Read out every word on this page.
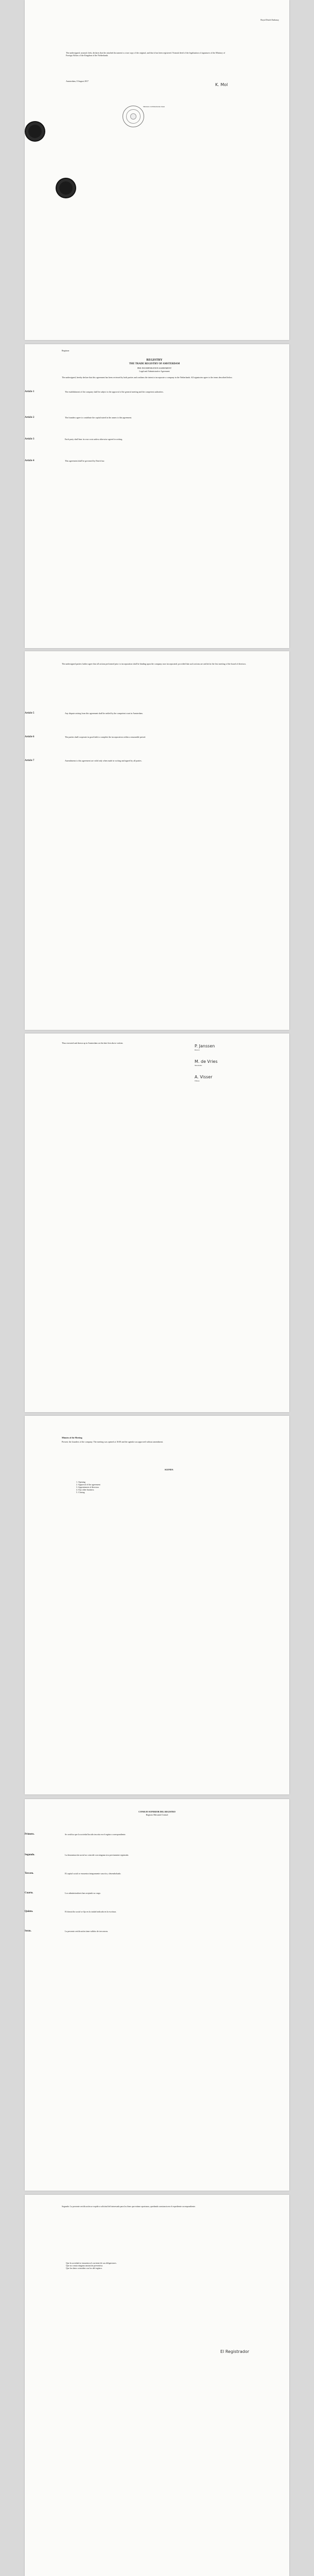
Royal Dutch Embassy
The undersigned, notarial clerk, declares that the attached document is a true copy of the original, and that it has been registered. Notarial deed of the legalization of signatures of the Ministry of Foreign Affairs of the Kingdom of the Netherlands.
Ministerie van Buitenlandse Zaken
Amsterdam, 8 August 2017
K. Mol
Registrar
REGISTRY
THE TRADE REGISTRY OF AMSTERDAM
PRE-INCORPORATION AGREEMENT
Legal and Administrative Agreement
The undersigned, hereby declare that this agreement has been reviewed by both parties and confirms the intent to incorporate a company in the Netherlands. All signatories agree to the terms described below.
Article 1	The establishment of the company shall be subject to the approval of the general meeting and the competent authorities.
Article 2	The founders agree to contribute the capital stated in the annex to this agreement.
Article 3	Each party shall bear its own costs unless otherwise agreed in writing.
Article 4	This agreement shall be governed by Dutch law.
The undersigned parties further agree that all actions performed prior to incorporation shall be binding upon the company once incorporated, provided that such actions are ratified at the first meeting of the board of directors.
Article 5	Any dispute arising from this agreement shall be settled by the competent court in Amsterdam.
Article 6	The parties shall cooperate in good faith to complete the incorporation within a reasonable period.
Article 7	Amendments to this agreement are valid only when made in writing and signed by all parties.
Thus executed and drawn up in Amsterdam on the date first above written.
P. Janssen
Director
M. de Vries
Shareholder
A. Visser
Witness
Minutes of the Meeting
Present: the founders of the company. The meeting was opened at 10:00 and the agenda was approved without amendment.
AGENDA
1. Opening
2. Approval of the agreement
3. Appointment of directors
4. Any other business
5. Closing
CONSEJO SUPERIOR DEL REGISTRO
Registro Mercantil Central
Primero.	Se certifica que la sociedad ha sido inscrita en el registro correspondiente.
Segundo.	La denominación social no coincide con ninguna otra previamente registrada.
Tercero.	El capital social se encuentra íntegramente suscrito y desembolsado.
Cuarto.	Los administradores han aceptado su cargo.
Quinto.	El domicilio social se fija en la ciudad indicada en la escritura.
Sexto.	La presente certificación tiene validez de tres meses.
Segundo: La presente certificación se expide a solicitud del interesado para los fines que estime oportunos, quedando constancia en el expediente correspondiente.
Que la sociedad se encuentra al corriente de sus obligaciones.
Que no consta ninguna anotación preventiva.
Que los datos coinciden con los del registro.
El Registrador
